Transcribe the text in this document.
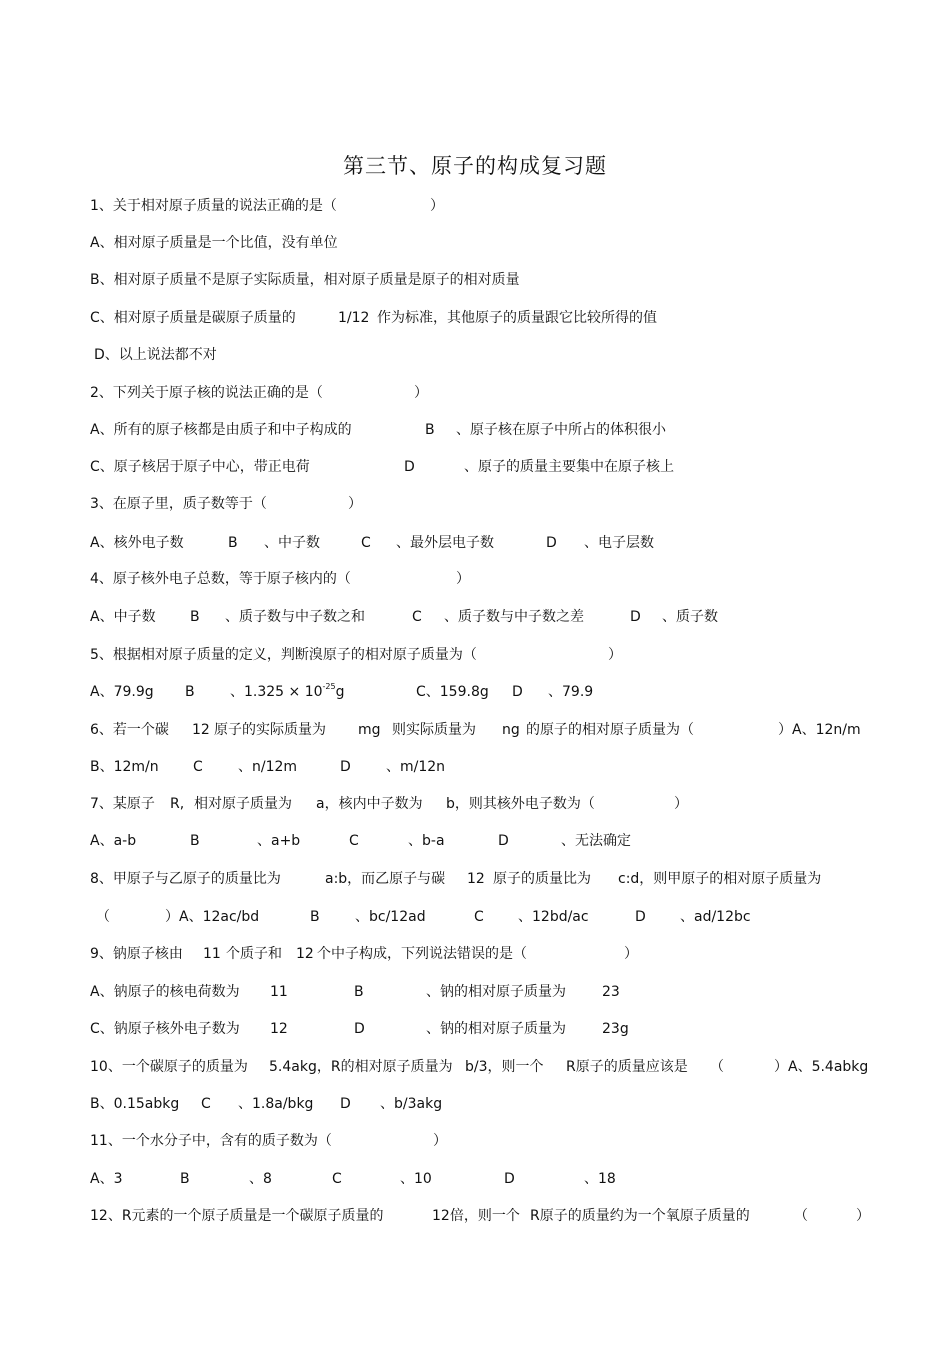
第三节、原子的构成复习题
1、关于相对原子质量的说法正确的是（	）
A、相对原子质量是一个比值，没有单位
B、相对原子质量不是原子实际质量，相对原子质量是原子的相对质量
C、相对原子质量是碳原子质量的	1/12 作为标准，其他原子的质量跟它比较所得的值
D、以上说法都不对
2、下列关于原子核的说法正确的是（	）
A、所有的原子核都是由质子和中子构成的	B 、原子核在原子中所占的体积很小
C、原子核居于原子中心，带正电荷	D	、原子的质量主要集中在原子核上
3、在原子里，质子数等于（	）
A、核外电子数	B 、中子数	C 、最外层电子数	D 、电子层数
4、原子核外电子总数，等于原子核内的（	）
A、中子数 B 、质子数与中子数之和	C 、质子数与中子数之差	D 、质子数
5、根据相对原子质量的定义，判断溴原子的相对原子质量为（	）
A、79.9g B	、$1.325 \times 10^{-25}g$	C、159.8g D 、79.9
6、若一个碳 12 原子的实际质量为 mg 则实际质量为 ng 的原子的相对原子质量为（	）A、12n/m
B、12m/n C	、n/12m	D	、m/12n
7、某原子 R, 相对原子质量为 a，核内中子数为 b，则其核外电子数为（	）
A、a-b	B	、a+b	C	、b-a	D	、无法确定
8、甲原子与乙原子的质量比为	a:b，而乙原子与碳 12 原子的质量比为 c:d，则甲原子的相对原子质量为
（	）A、12ac/bd	B	、bc/12ad	C 、12bd/ac	D 、ad/12bc
9、钠原子核由 11 个质子和 12 个中子构成，下列说法错误的是（	）
A、钠原子的核电荷数为 11	B	、钠的相对原子质量为	23
C、钠原子核外电子数为 12	D	、钠的相对原子质量为	23g
10、一个碳原子的质量为 5.4akg，R的相对原子质量为 b/3，则一个 R原子的质量应该是 （	）A、5.4abkg
B、0.15abkg C 、1.8a/bkg D 、b/3akg
11、一个水分子中，含有的质子数为（	）
A、3	B	、8	C	、10	D	、18
12、R元素的一个原子质量是一个碳原子质量的	12倍，则一个 R原子的质量约为一个氧原子质量的	（	）
